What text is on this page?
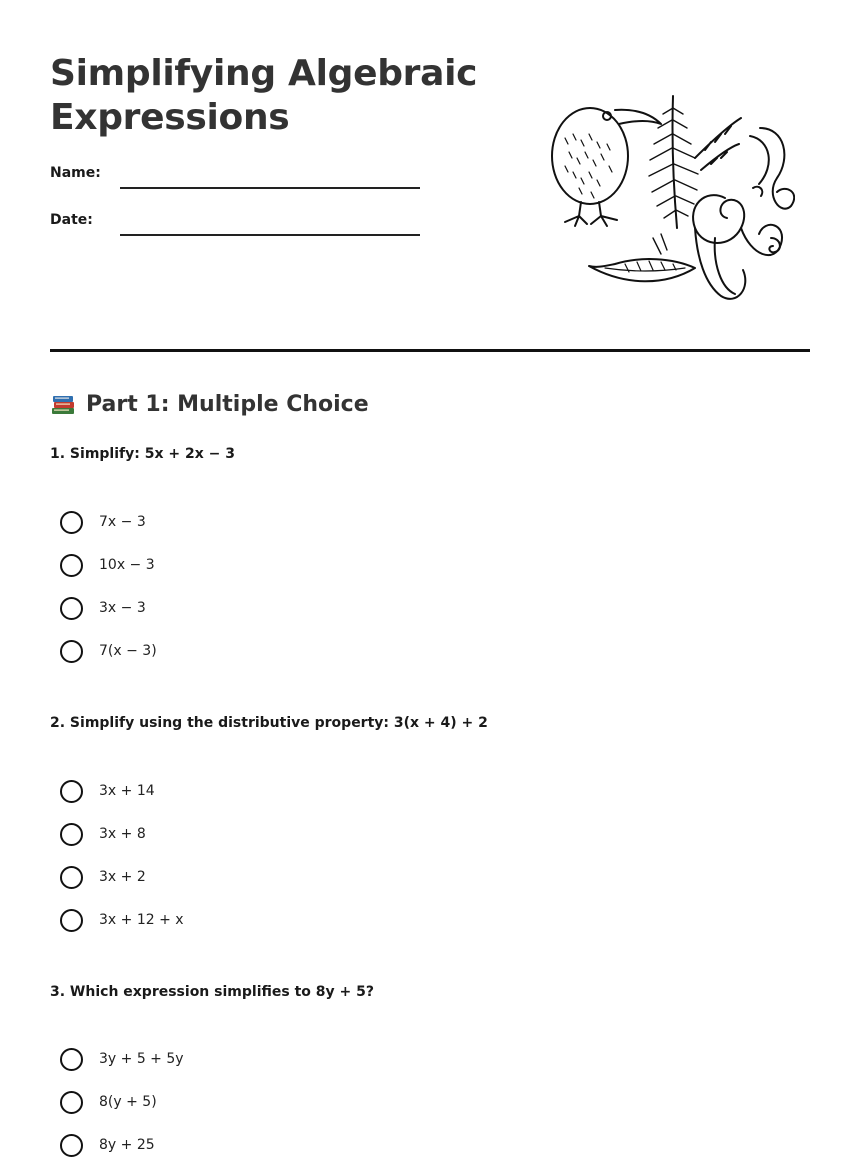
Simplifying Algebraic Expressions
Name:
Date:
Part 1: Multiple Choice
1. Simplify: 5x + 2x − 3
7x − 3
10x − 3
3x − 3
7(x − 3)
2. Simplify using the distributive property: 3(x + 4) + 2
3x + 14
3x + 8
3x + 2
3x + 12 + x
3. Which expression simplifies to 8y + 5?
3y + 5 + 5y
8(y + 5)
8y + 25
